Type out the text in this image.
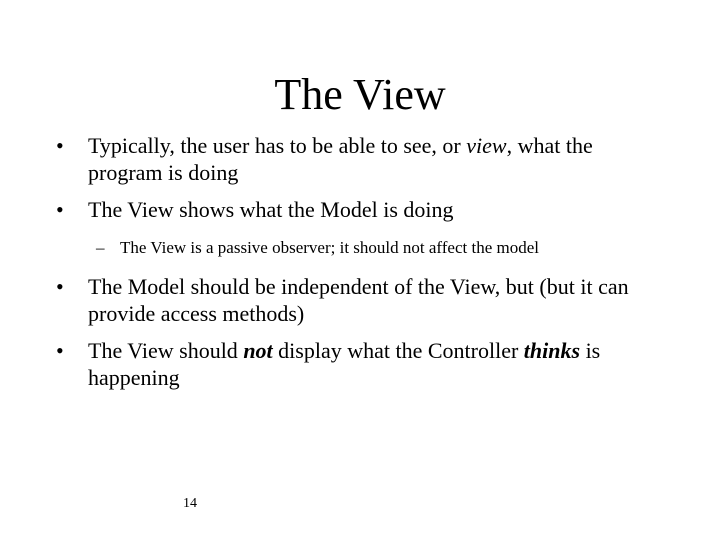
The View
•	Typically, the user has to be able to see, or view, what the program is doing
•	The View shows what the Model is doing
– The View is a passive observer; it should not affect the model
•	The Model should be independent of the View, but (but it can provide access methods)
•	The View should not display what the Controller thinks is happening
14
